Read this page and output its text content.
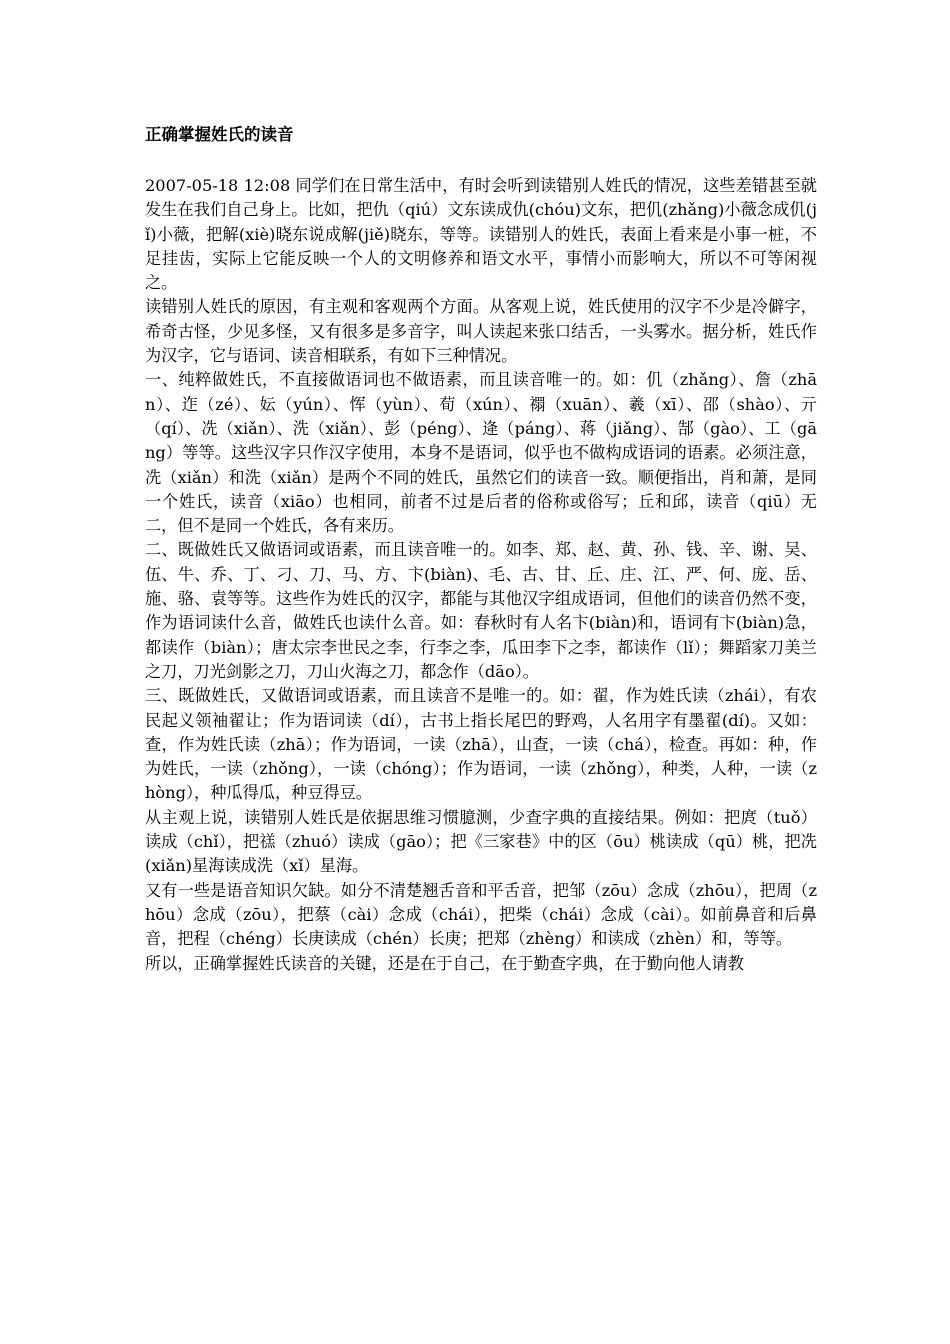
正确掌握姓氏的读音

2007-05-18 12:08 同学们在日常生活中，有时会听到读错别人姓氏的情况，这些差错甚至就发生在我们自己身上。比如，把仇（qiú）文东读成仇(chóu)文东，把仉(zhǎng)小薇念成仉(jǐ)小薇，把解(xiè)晓东说成解(jiě)晓东，等等。读错别人的姓氏，表面上看来是小事一桩，不足挂齿，实际上它能反映一个人的文明修养和语文水平，事情小而影响大，所以不可等闲视之。

读错别人姓氏的原因，有主观和客观两个方面。从客观上说，姓氏使用的汉字不少是冷僻字，希奇古怪，少见多怪，又有很多是多音字，叫人读起来张口结舌，一头雾水。据分析，姓氏作为汉字，它与语词、读音相联系，有如下三种情况。

一、纯粹做姓氏，不直接做语词也不做语素，而且读音唯一的。如：仉（zhǎng）、詹（zhān）、迮（zé）、妘（yún）、恽（yùn）、荀（xún）、禤（xuān）、羲（xī）、邵（shào）、亓（qí）、冼（xiǎn）、洗（xiǎn）、彭（péng）、逄（páng）、蒋（jiǎng）、郜（gào）、工（gāng）等等。这些汉字只作汉字使用，本身不是语词，似乎也不做构成语词的语素。必须注意，冼（xiǎn）和洗（xiǎn）是两个不同的姓氏，虽然它们的读音一致。顺便指出，肖和萧，是同一个姓氏，读音（xiāo）也相同，前者不过是后者的俗称或俗写；丘和邱，读音（qiū）无二，但不是同一个姓氏，各有来历。

二、既做姓氏又做语词或语素，而且读音唯一的。如李、郑、赵、黄、孙、钱、辛、谢、吴、伍、牛、乔、丁、刁、刀、马、方、卞(biàn)、毛、古、甘、丘、庄、江、严、何、庞、岳、施、骆、袁等等。这些作为姓氏的汉字，都能与其他汉字组成语词，但他们的读音仍然不变，作为语词读什么音，做姓氏也读什么音。如：春秋时有人名卞(biàn)和，语词有卞(biàn)急，都读作（biàn）；唐太宗李世民之李，行李之李，瓜田李下之李，都读作（lǐ）；舞蹈家刀美兰之刀，刀光剑影之刀，刀山火海之刀，都念作（dāo）。

三、既做姓氏，又做语词或语素，而且读音不是唯一的。如：翟，作为姓氏读（zhái），有农民起义领袖翟让；作为语词读（dí），古书上指长尾巴的野鸡，人名用字有墨翟(dí)。又如：查，作为姓氏读（zhā）；作为语词，一读（zhā），山查，一读（chá），检查。再如：种，作为姓氏，一读（zhǒng），一读（chóng）；作为语词，一读（zhǒng），种类，人种，一读（zhòng），种瓜得瓜，种豆得豆。

从主观上说，读错别人姓氏是依据思维习惯臆测，少查字典的直接结果。例如：把庹（tuǒ）读成（chǐ），把禚（zhuó）读成（gāo）；把《三家巷》中的区（ōu）桃读成（qū）桃，把冼(xiǎn)星海读成洗（xǐ）星海。

又有一些是语音知识欠缺。如分不清楚翘舌音和平舌音，把邹（zōu）念成（zhōu），把周（zhōu）念成（zōu），把蔡（cài）念成（chái），把柴（chái）念成（cài）。如前鼻音和后鼻音，把程（chéng）长庚读成（chén）长庚；把郑（zhèng）和读成（zhèn）和，等等。

所以，正确掌握姓氏读音的关键，还是在于自己，在于勤查字典，在于勤向他人请教
